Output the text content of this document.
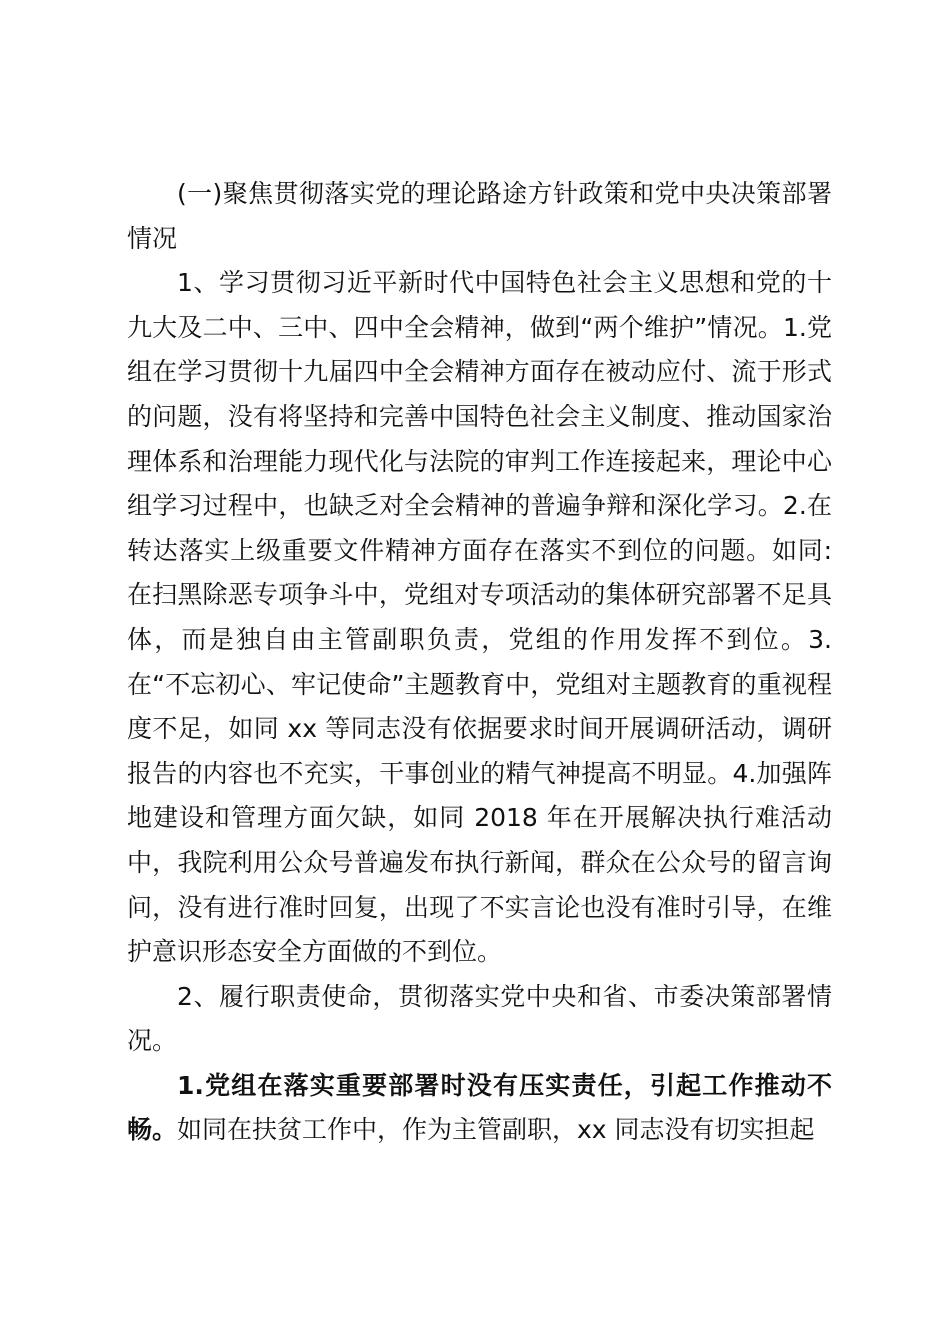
(一)聚焦贯彻落实党的理论路途方针政策和党中央决策部署情况

1、学习贯彻习近平新时代中国特色社会主义思想和党的十九大及二中、三中、四中全会精神，做到“两个维护”情况。1.党组在学习贯彻十九届四中全会精神方面存在被动应付、流于形式的问题，没有将坚持和完善中国特色社会主义制度、推动国家治理体系和治理能力现代化与法院的审判工作连接起来，理论中心组学习过程中，也缺乏对全会精神的普遍争辩和深化学习。2.在转达落实上级重要文件精神方面存在落实不到位的问题。如同:在扫黑除恶专项争斗中，党组对专项活动的集体研究部署不足具体，而是独自由主管副职负责，党组的作用发挥不到位。3.在“不忘初心、牢记使命”主题教育中，党组对主题教育的重视程度不足，如同 xx 等同志没有依据要求时间开展调研活动，调研报告的内容也不充实，干事创业的精气神提高不明显。4.加强阵地建设和管理方面欠缺，如同 2018 年在开展解决执行难活动中，我院利用公众号普遍发布执行新闻，群众在公众号的留言询问，没有进行准时回复，出现了不实言论也没有准时引导，在维护意识形态安全方面做的不到位。

2、履行职责使命，贯彻落实党中央和省、市委决策部署情况。

1.党组在落实重要部署时没有压实责任，引起工作推动不畅。如同在扶贫工作中，作为主管副职，xx 同志没有切实担起
